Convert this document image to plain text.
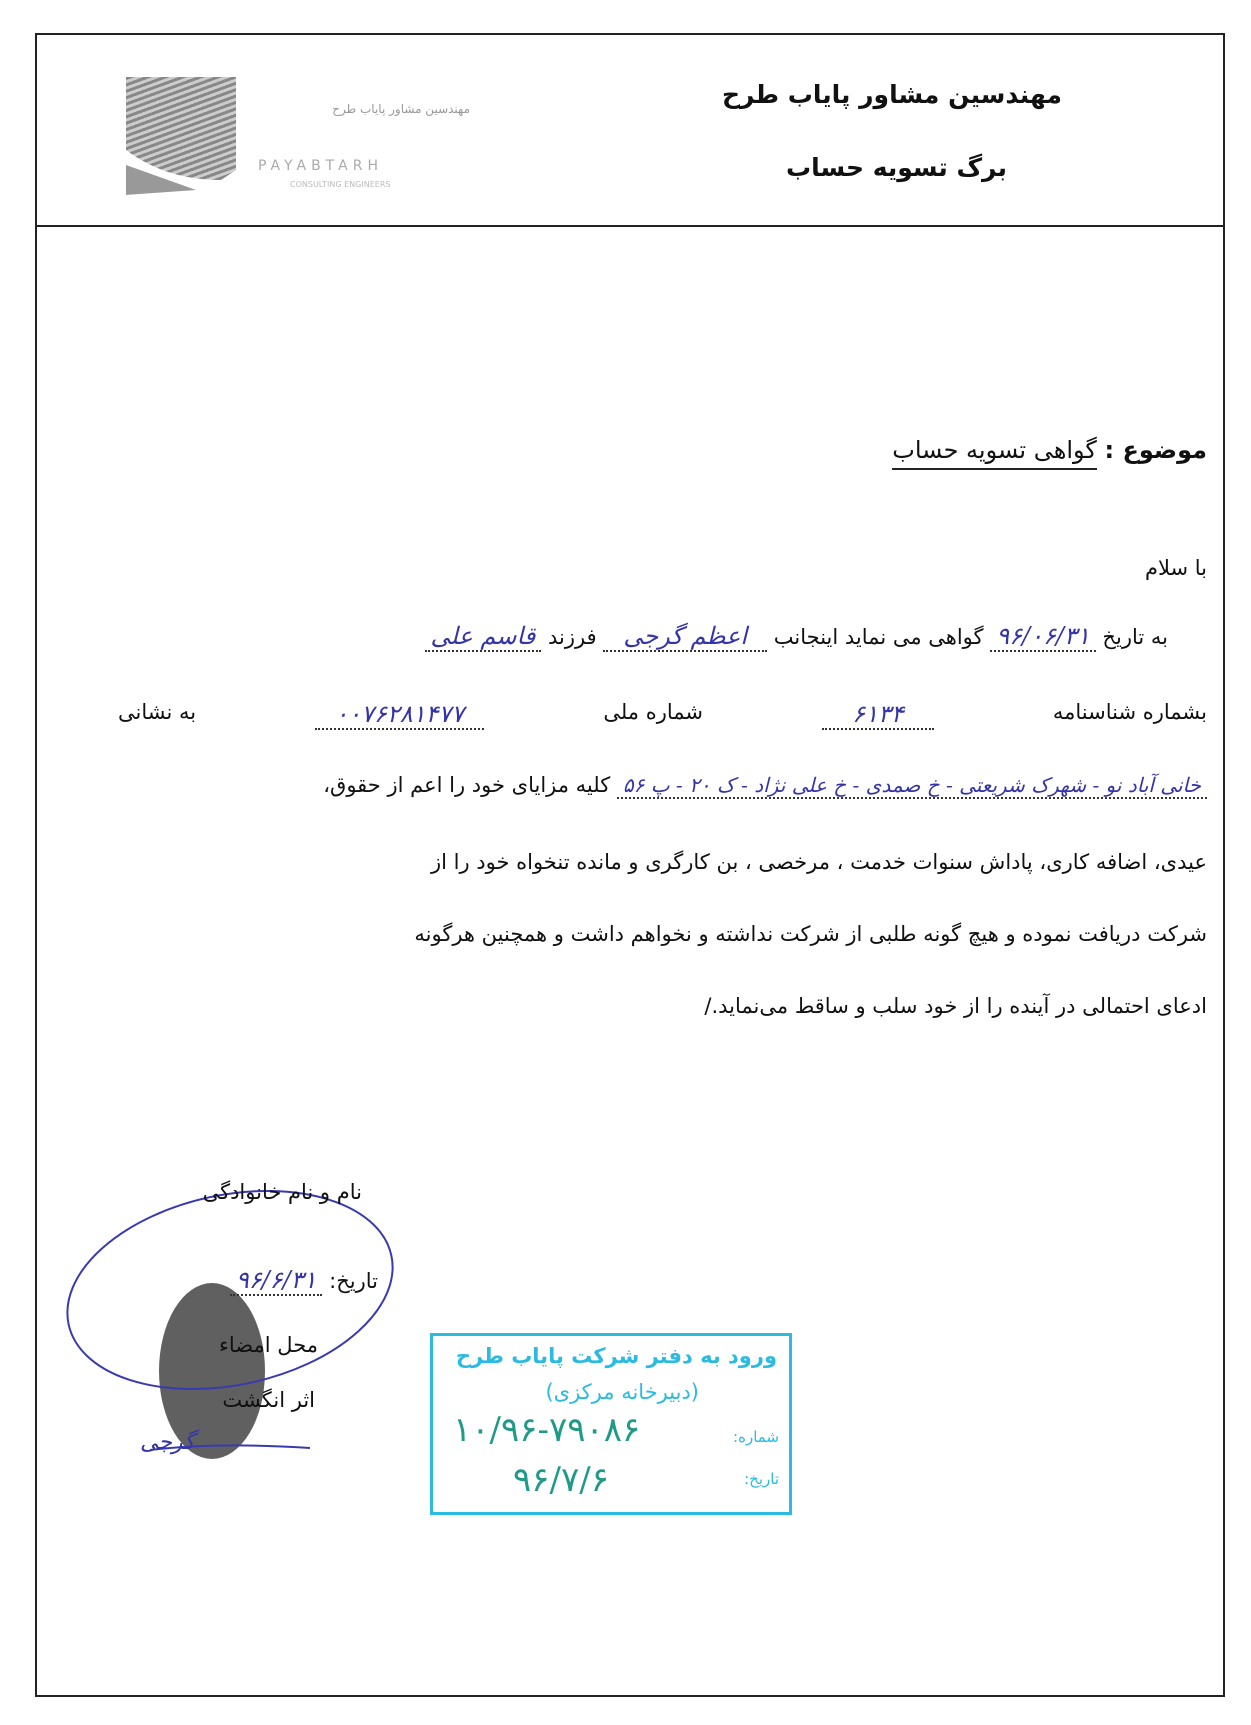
مهندسین مشاور پایاب طرح
PAYABTARH
CONSULTING ENGINEERS
مهندسین مشاور پایاب طرح
برگ تسویه حساب
موضوع : گواهی تسویه حساب
با سلام
به تاریخ ۹۶/۰۶/۳۱ گواهی می نماید اینجانب اعظم گرجی فرزند قاسم علی
بشماره شناسنامه
۶۱۳۴
شماره ملی
۰۰۷۶۲۸۱۴۷۷
به نشانی
خانی آباد نو - شهرک شریعتی - خ صمدی - خ علی نژاد - ک ۲۰ - پ ۵۶ کلیه مزایای خود را اعم از حقوق،
عیدی، اضافه کاری، پاداش سنوات خدمت ، مرخصی ، بن کارگری و مانده تنخواه خود را از
شرکت دریافت نموده و هیچ گونه طلبی از شرکت نداشته و نخواهم داشت و همچنین هرگونه
ادعای احتمالی در آینده را از خود سلب و ساقط می‌نماید./
نام و نام خانوادگی
تاریخ: ۹۶/۶/۳۱
محل امضاء
اثر انگشت
گرجی
ورود به دفتر شرکت پایاب طرح
(دبیرخانه مرکزی)
شماره:
۱۰/۹۶-۷۹۰۸۶
تاریخ:
۹۶/۷/۶
